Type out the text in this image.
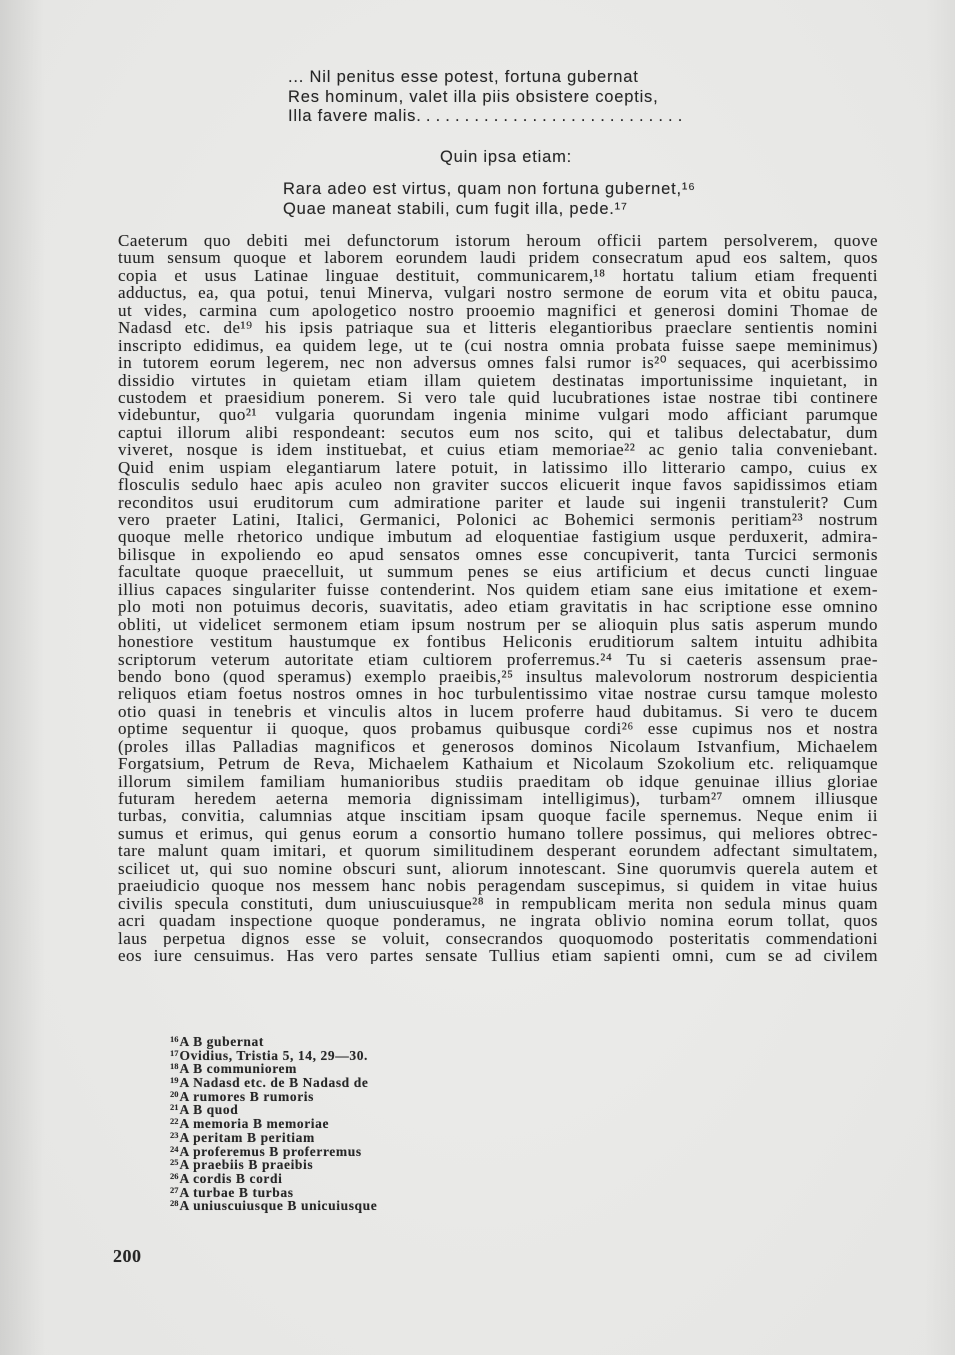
... Nil penitus esse potest, fortuna gubernat
Res hominum, valet illa piis obsistere coeptis,
Illa favere malis............................
Quin ipsa etiam:
Rara adeo est virtus, quam non fortuna gubernet,¹⁶
Quae maneat stabili, cum fugit illa, pede.¹⁷
Caeterum quo debiti mei defunctorum istorum heroum officii partem persolverem, quove
tuum sensum quoque et laborem eorundem laudi pridem consecratum apud eos saltem, quos
copia et usus Latinae linguae destituit, communicarem,¹⁸ hortatu talium etiam frequenti
adductus, ea, qua potui, tenui Minerva, vulgari nostro sermone de eorum vita et obitu pauca,
ut vides, carmina cum apologetico nostro prooemio magnifici et generosi domini Thomae de
Nadasd etc. de¹⁹ his ipsis patriaque sua et litteris elegantioribus praeclare sentientis nomini
inscripto edidimus, ea quidem lege, ut te (cui nostra omnia probata fuisse saepe meminimus)
in tutorem eorum legerem, nec non adversus omnes falsi rumor is²⁰ sequaces, qui acerbissimo
dissidio virtutes in quietam etiam illam quietem destinatas importunissime inquietant, in
custodem et praesidium ponerem. Si vero tale quid lucubrationes istae nostrae tibi continere
videbuntur, quo²¹ vulgaria quorundam ingenia minime vulgari modo afficiant parumque
captui illorum alibi respondeant: secutos eum nos scito, qui et talibus delectabatur, dum
viveret, nosque is idem instituebat, et cuius etiam memoriae²² ac genio talia conveniebant.
Quid enim uspiam elegantiarum latere potuit, in latissimo illo litterario campo, cuius ex
flosculis sedulo haec apis aculeo non graviter succos elicuerit inque favos sapidissimos etiam
reconditos usui eruditorum cum admiratione pariter et laude sui ingenii transtulerit? Cum
vero praeter Latini, Italici, Germanici, Polonici ac Bohemici sermonis peritiam²³ nostrum
quoque melle rhetorico undique imbutum ad eloquentiae fastigium usque perduxerit, admira-
bilisque in expoliendo eo apud sensatos omnes esse concupiverit, tanta Turcici sermonis
facultate quoque praecelluit, ut summum penes se eius artificium et decus cuncti linguae
illius capaces singulariter fuisse contenderint. Nos quidem etiam sane eius imitatione et exem-
plo moti non potuimus decoris, suavitatis, adeo etiam gravitatis in hac scriptione esse omnino
obliti, ut videlicet sermonem etiam ipsum nostrum per se alioquin plus satis asperum mundo
honestiore vestitum haustumque ex fontibus Heliconis eruditiorum saltem intuitu adhibita
scriptorum veterum autoritate etiam cultiorem proferremus.²⁴ Tu si caeteris assensum prae-
bendo bono (quod speramus) exemplo praeibis,²⁵ insultus malevolorum nostrorum despicientia
reliquos etiam foetus nostros omnes in hoc turbulentissimo vitae nostrae cursu tamque molesto
otio quasi in tenebris et vinculis altos in lucem proferre haud dubitamus. Si vero te ducem
optime sequentur ii quoque, quos probamus quibusque cordi²⁶ esse cupimus nos et nostra
(proles illas Palladias magnificos et generosos dominos Nicolaum Istvanfium, Michaelem
Forgatsium, Petrum de Reva, Michaelem Kathaium et Nicolaum Szokolium etc. reliquamque
illorum similem familiam humanioribus studiis praeditam ob idque genuinae illius gloriae
futuram heredem aeterna memoria dignissimam intelligimus), turbam²⁷ omnem illiusque
turbas, convitia, calumnias atque inscitiam ipsam quoque facile spernemus. Neque enim ii
sumus et erimus, qui genus eorum a consortio humano tollere possimus, qui meliores obtrec-
tare malunt quam imitari, et quorum similitudinem desperant eorundem adfectant simultatem,
scilicet ut, qui suo nomine obscuri sunt, aliorum innotescant. Sine quorumvis querela autem et
praeiudicio quoque nos messem hanc nobis peragendam suscepimus, si quidem in vitae huius
civilis specula constituti, dum uniuscuiusque²⁸ in rempublicam merita non sedula minus quam
acri quadam inspectione quoque ponderamus, ne ingrata oblivio nomina eorum tollat, quos
laus perpetua dignos esse se voluit, consecrandos quoquomodo posteritatis commendationi
eos iure censuimus. Has vero partes sensate Tullius etiam sapienti omni, cum se ad civilem
16A B gubernat
17Ovidius, Tristia 5, 14, 29—30.
18A B communiorem
19A Nadasd etc. de B Nadasd de
20A rumores B rumoris
21A B quod
22A memoria B memoriae
23A peritam B peritiam
24A proferemus B proferremus
25A praebiis B praeibis
26A cordis B cordi
27A turbae B turbas
28A uniuscuiusque B unicuiusque
200
